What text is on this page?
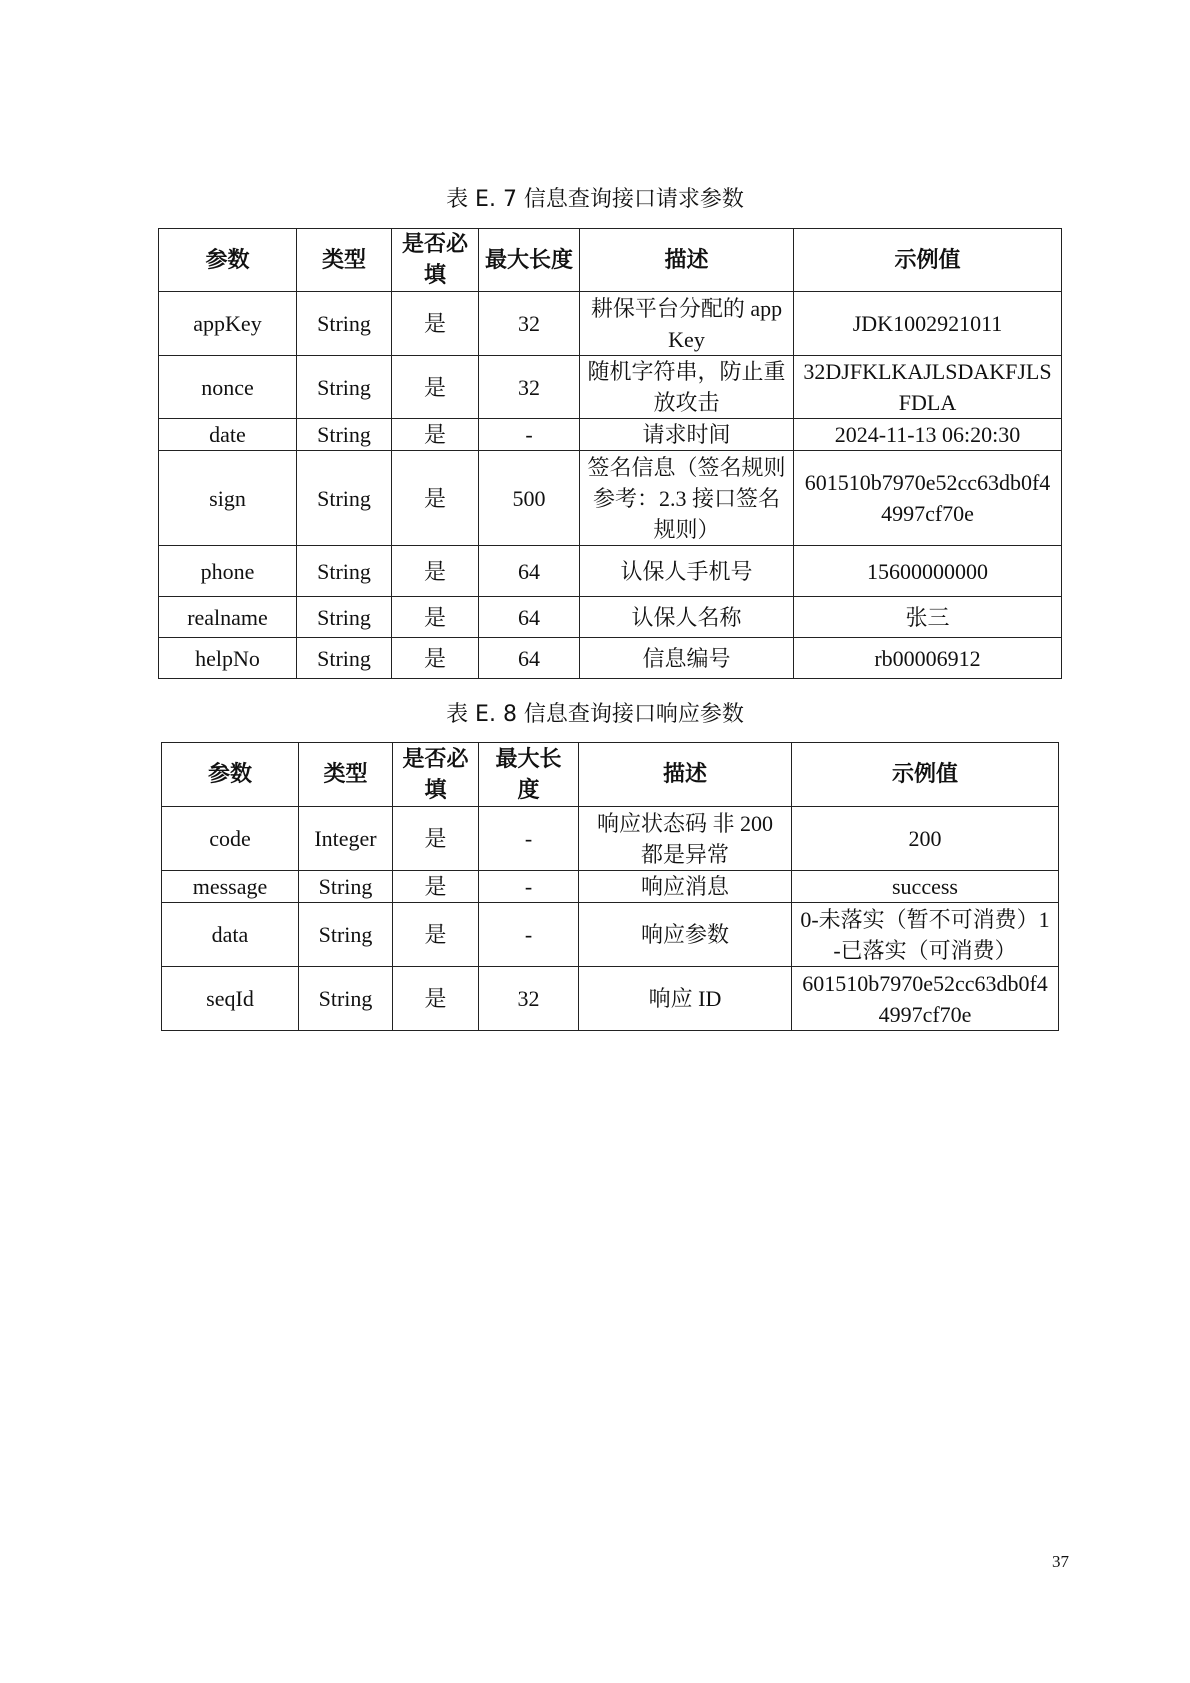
表 E. 7 信息查询接口请求参数
参数	类型	是否必填	最大长度	描述	示例值
appKey	String	是	32	耕保平台分配的 appKey	JDK1002921011
nonce	String	是	32	随机字符串，防止重放攻击	32DJFKLKAJLSDAKFJLSFDLA
date	String	是	-	请求时间	2024-11-13 06:20:30
sign	String	是	500	签名信息（签名规则参考：2.3 接口签名规则）	601510b7970e52cc63db0f44997cf70e
phone	String	是	64	认保人手机号	15600000000
realname	String	是	64	认保人名称	张三
helpNo	String	是	64	信息编号	rb00006912
表 E. 8 信息查询接口响应参数
参数	类型	是否必填	最大长度	描述	示例值
code	Integer	是	-	响应状态码 非 200 都是异常	200
message	String	是	-	响应消息	success
data	String	是	-	响应参数	0-未落实（暂不可消费）1-已落实（可消费）
seqId	String	是	32	响应 ID	601510b7970e52cc63db0f44997cf70e
37
